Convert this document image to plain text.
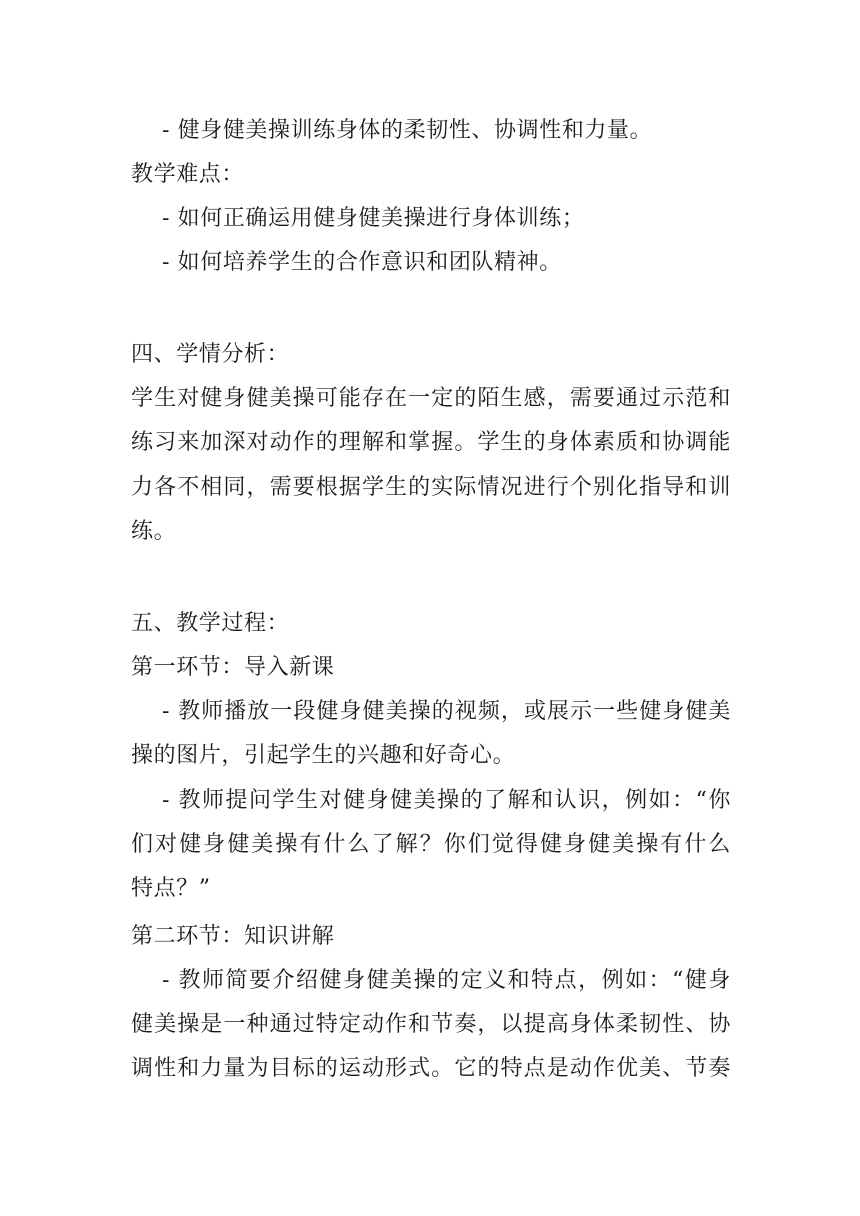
- 健身健美操训练身体的柔韧性、协调性和力量。
教学难点：
- 如何正确运用健身健美操进行身体训练；
- 如何培养学生的合作意识和团队精神。
四、学情分析：
学生对健身健美操可能存在一定的陌生感，需要通过示范和
练习来加深对动作的理解和掌握。学生的身体素质和协调能
力各不相同，需要根据学生的实际情况进行个别化指导和训
练。
五、教学过程：
第一环节：导入新课
- 教师播放一段健身健美操的视频，或展示一些健身健美
操的图片，引起学生的兴趣和好奇心。
- 教师提问学生对健身健美操的了解和认识，例如：“你
们对健身健美操有什么了解？你们觉得健身健美操有什么
特点？”
第二环节：知识讲解
- 教师简要介绍健身健美操的定义和特点，例如：“健身
健美操是一种通过特定动作和节奏，以提高身体柔韧性、协
调性和力量为目标的运动形式。它的特点是动作优美、节奏
